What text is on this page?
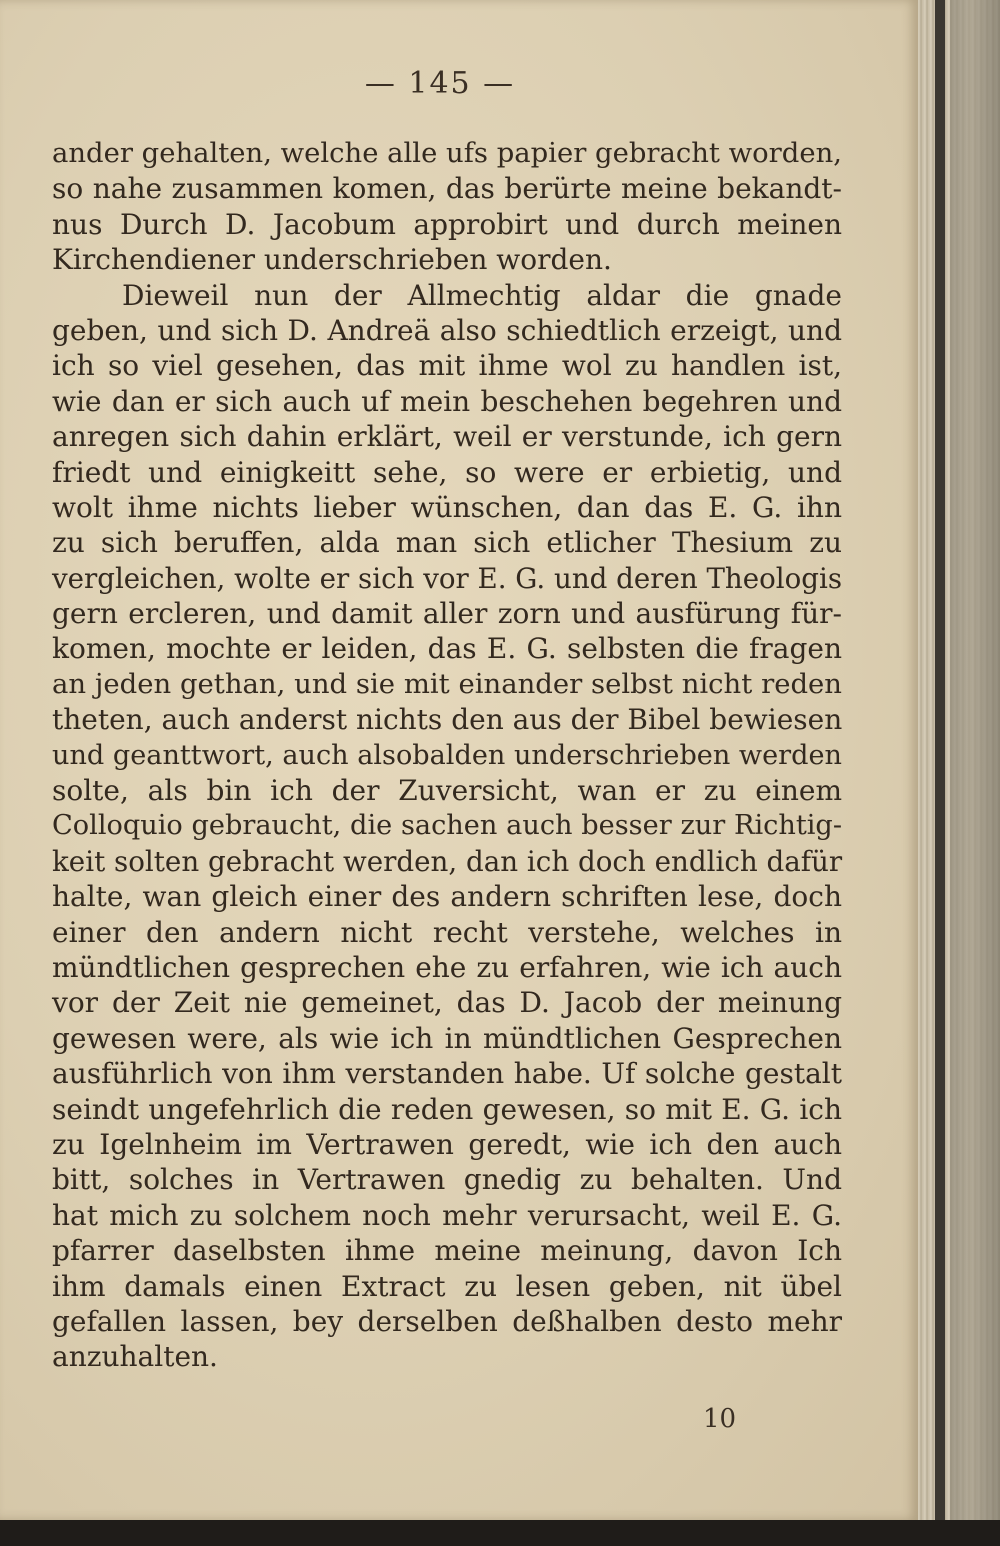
— 145 —
ander gehalten, welche alle ufs papier gebracht worden,
so nahe zusammen komen, das berürte meine bekandt-
nus Durch D. Jacobum approbirt und durch meinen
Kirchendiener underschrieben worden.
Dieweil nun der Allmechtig aldar die gnade
geben, und sich D. Andreä also schiedtlich erzeigt, und
ich so viel gesehen, das mit ihme wol zu handlen ist,
wie dan er sich auch uf mein beschehen begehren und
anregen sich dahin erklärt, weil er verstunde, ich gern
friedt und einigkeitt sehe, so were er erbietig, und
wolt ihme nichts lieber wünschen, dan das E. G. ihn
zu sich beruffen, alda man sich etlicher Thesium zu
vergleichen, wolte er sich vor E. G. und deren Theologis
gern ercleren, und damit aller zorn und ausfürung für-
komen, mochte er leiden, das E. G. selbsten die fragen
an jeden gethan, und sie mit einander selbst nicht reden
theten, auch anderst nichts den aus der Bibel bewiesen
und geanttwort, auch alsobalden underschrieben werden
solte, als bin ich der Zuversicht, wan er zu einem
Colloquio gebraucht, die sachen auch besser zur Richtig-
keit solten gebracht werden, dan ich doch endlich dafür
halte, wan gleich einer des andern schriften lese, doch
einer den andern nicht recht verstehe, welches in
mündtlichen gesprechen ehe zu erfahren, wie ich auch
vor der Zeit nie gemeinet, das D. Jacob der meinung
gewesen were, als wie ich in mündtlichen Gesprechen
ausführlich von ihm verstanden habe. Uf solche gestalt
seindt ungefehrlich die reden gewesen, so mit E. G. ich
zu Igelnheim im Vertrawen geredt, wie ich den auch
bitt, solches in Vertrawen gnedig zu behalten. Und
hat mich zu solchem noch mehr verursacht, weil E. G.
pfarrer daselbsten ihme meine meinung, davon Ich
ihm damals einen Extract zu lesen geben, nit übel
gefallen lassen, bey derselben deßhalben desto mehr
anzuhalten.
10
